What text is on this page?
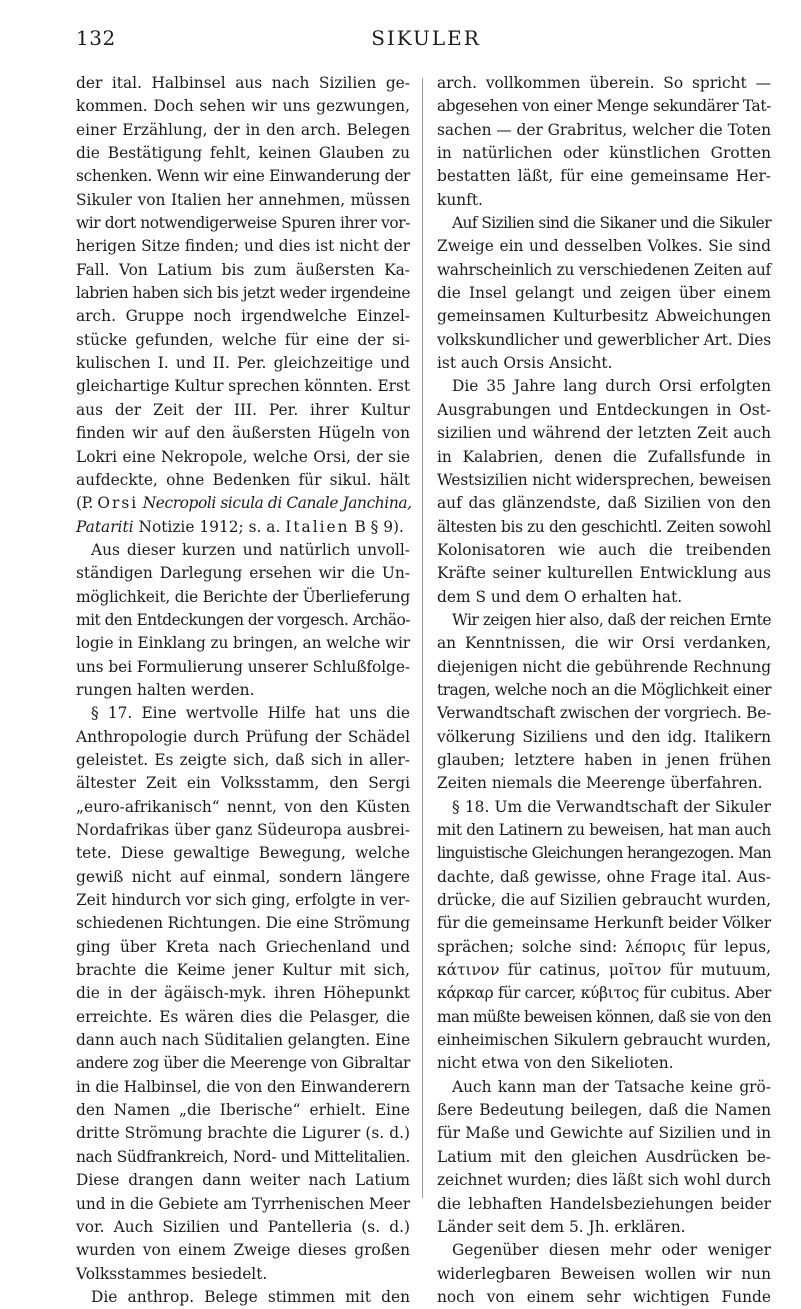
SIKULER
132
der ital. Halbinsel aus nach Sizilien ge-
kommen. Doch sehen wir uns gezwungen,
einer Erzählung, der in den arch. Belegen
die Bestätigung fehlt, keinen Glauben zu
schenken. Wenn wir eine Einwanderung der
Sikuler von Italien her annehmen, müssen
wir dort notwendigerweise Spuren ihrer vor-
herigen Sitze finden; und dies ist nicht der
Fall. Von Latium bis zum äußersten Ka-
labrien haben sich bis jetzt weder irgendeine
arch. Gruppe noch irgendwelche Einzel-
stücke gefunden, welche für eine der si-
kulischen I. und II. Per. gleichzeitige und
gleichartige Kultur sprechen könnten. Erst
aus der Zeit der III. Per. ihrer Kultur
finden wir auf den äußersten Hügeln von
Lokri eine Nekropole, welche Orsi, der sie
aufdeckte, ohne Bedenken für sikul. hält
(P. Orsi Necropoli sicula di Canale Janchina,
Patariti Notizie 1912; s. a. Italien B § 9).
Aus dieser kurzen und natürlich unvoll-
ständigen Darlegung ersehen wir die Un-
möglichkeit, die Berichte der Überlieferung
mit den Entdeckungen der vorgesch. Archäo-
logie in Einklang zu bringen, an welche wir
uns bei Formulierung unserer Schlußfolge-
rungen halten werden.
§ 17. Eine wertvolle Hilfe hat uns die
Anthropologie durch Prüfung der Schädel
geleistet. Es zeigte sich, daß sich in aller-
ältester Zeit ein Volksstamm, den Sergi
„euro-afrikanisch“ nennt, von den Küsten
Nordafrikas über ganz Südeuropa ausbrei-
tete. Diese gewaltige Bewegung, welche
gewiß nicht auf einmal, sondern längere
Zeit hindurch vor sich ging, erfolgte in ver-
schiedenen Richtungen. Die eine Strömung
ging über Kreta nach Griechenland und
brachte die Keime jener Kultur mit sich,
die in der ägäisch-myk. ihren Höhepunkt
erreichte. Es wären dies die Pelasger, die
dann auch nach Süditalien gelangten. Eine
andere zog über die Meerenge von Gibraltar
in die Halbinsel, die von den Einwanderern
den Namen „die Iberische“ erhielt. Eine
dritte Strömung brachte die Ligurer (s. d.)
nach Südfrankreich, Nord- und Mittelitalien.
Diese drangen dann weiter nach Latium
und in die Gebiete am Tyrrhenischen Meer
vor. Auch Sizilien und Pantelleria (s. d.)
wurden von einem Zweige dieses großen
Volksstammes besiedelt.
Die anthrop. Belege stimmen mit den
arch. vollkommen überein. So spricht —
abgesehen von einer Menge sekundärer Tat-
sachen — der Grabritus, welcher die Toten
in natürlichen oder künstlichen Grotten
bestatten läßt, für eine gemeinsame Her-
kunft.
Auf Sizilien sind die Sikaner und die Sikuler
Zweige ein und desselben Volkes. Sie sind
wahrscheinlich zu verschiedenen Zeiten auf
die Insel gelangt und zeigen über einem
gemeinsamen Kulturbesitz Abweichungen
volkskundlicher und gewerblicher Art. Dies
ist auch Orsis Ansicht.
Die 35 Jahre lang durch Orsi erfolgten
Ausgrabungen und Entdeckungen in Ost-
sizilien und während der letzten Zeit auch
in Kalabrien, denen die Zufallsfunde in
Westsizilien nicht widersprechen, beweisen
auf das glänzendste, daß Sizilien von den
ältesten bis zu den geschichtl. Zeiten sowohl
Kolonisatoren wie auch die treibenden
Kräfte seiner kulturellen Entwicklung aus
dem S und dem O erhalten hat.
Wir zeigen hier also, daß der reichen Ernte
an Kenntnissen, die wir Orsi verdanken,
diejenigen nicht die gebührende Rechnung
tragen, welche noch an die Möglichkeit einer
Verwandtschaft zwischen der vorgriech. Be-
völkerung Siziliens und den idg. Italikern
glauben; letztere haben in jenen frühen
Zeiten niemals die Meerenge überfahren.
§ 18. Um die Verwandtschaft der Sikuler
mit den Latinern zu beweisen, hat man auch
linguistische Gleichungen herangezogen. Man
dachte, daß gewisse, ohne Frage ital. Aus-
drücke, die auf Sizilien gebraucht wurden,
für die gemeinsame Herkunft beider Völker
sprächen; solche sind: λέπορις für lepus,
κάτινον für catinus, μοῖτον für mutuum,
κάρκαρ für carcer, κύβιτος für cubitus. Aber
man müßte beweisen können, daß sie von den
einheimischen Sikulern gebraucht wurden,
nicht etwa von den Sikelioten.
Auch kann man der Tatsache keine grö-
ßere Bedeutung beilegen, daß die Namen
für Maße und Gewichte auf Sizilien und in
Latium mit den gleichen Ausdrücken be-
zeichnet wurden; dies läßt sich wohl durch
die lebhaften Handelsbeziehungen beider
Länder seit dem 5. Jh. erklären.
Gegenüber diesen mehr oder weniger
widerlegbaren Beweisen wollen wir nun
noch von einem sehr wichtigen Funde
